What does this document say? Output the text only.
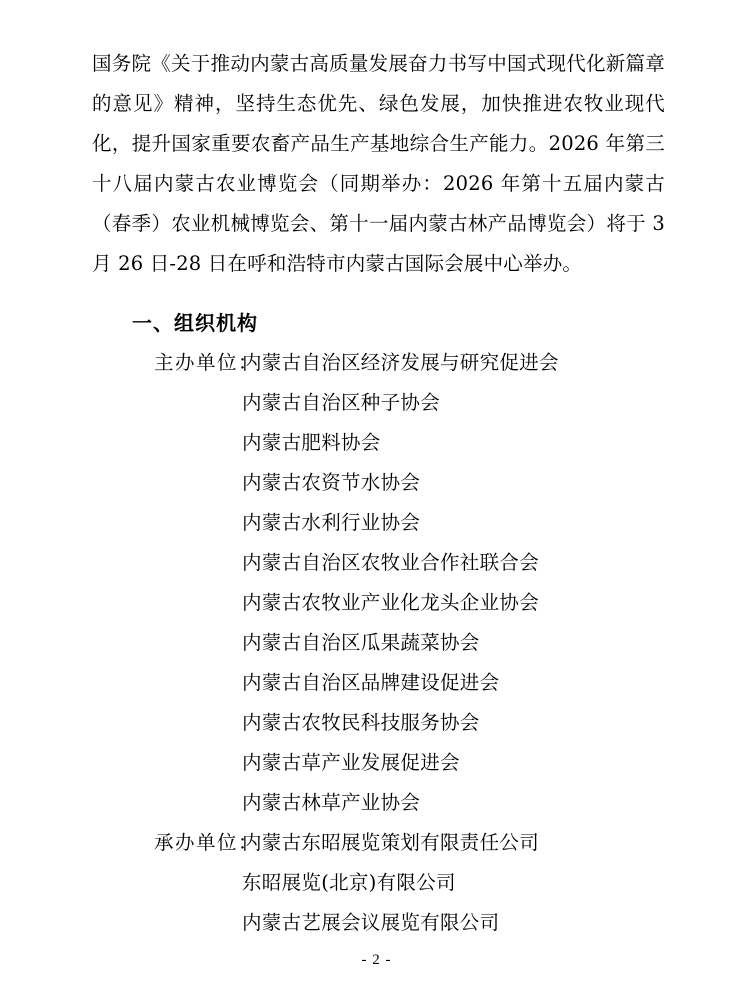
国务院《关于推动内蒙古高质量发展奋力书写中国式现代化新篇章的意见》精神，坚持生态优先、绿色发展，加快推进农牧业现代化，提升国家重要农畜产品生产基地综合生产能力。2026 年第三十八届内蒙古农业博览会（同期举办：2026 年第十五届内蒙古（春季）农业机械博览会、第十一届内蒙古林产品博览会）将于 3 月 26 日-28 日在呼和浩特市内蒙古国际会展中心举办。

一、组织机构
主办单位：
内蒙古自治区经济发展与研究促进会
内蒙古自治区种子协会
内蒙古肥料协会
内蒙古农资节水协会
内蒙古水利行业协会
内蒙古自治区农牧业合作社联合会
内蒙古农牧业产业化龙头企业协会
内蒙古自治区瓜果蔬菜协会
内蒙古自治区品牌建设促进会
内蒙古农牧民科技服务协会
内蒙古草产业发展促进会
内蒙古林草产业协会
承办单位：
内蒙古东昭展览策划有限责任公司
东昭展览(北京)有限公司
内蒙古艺展会议展览有限公司
- 2 -
